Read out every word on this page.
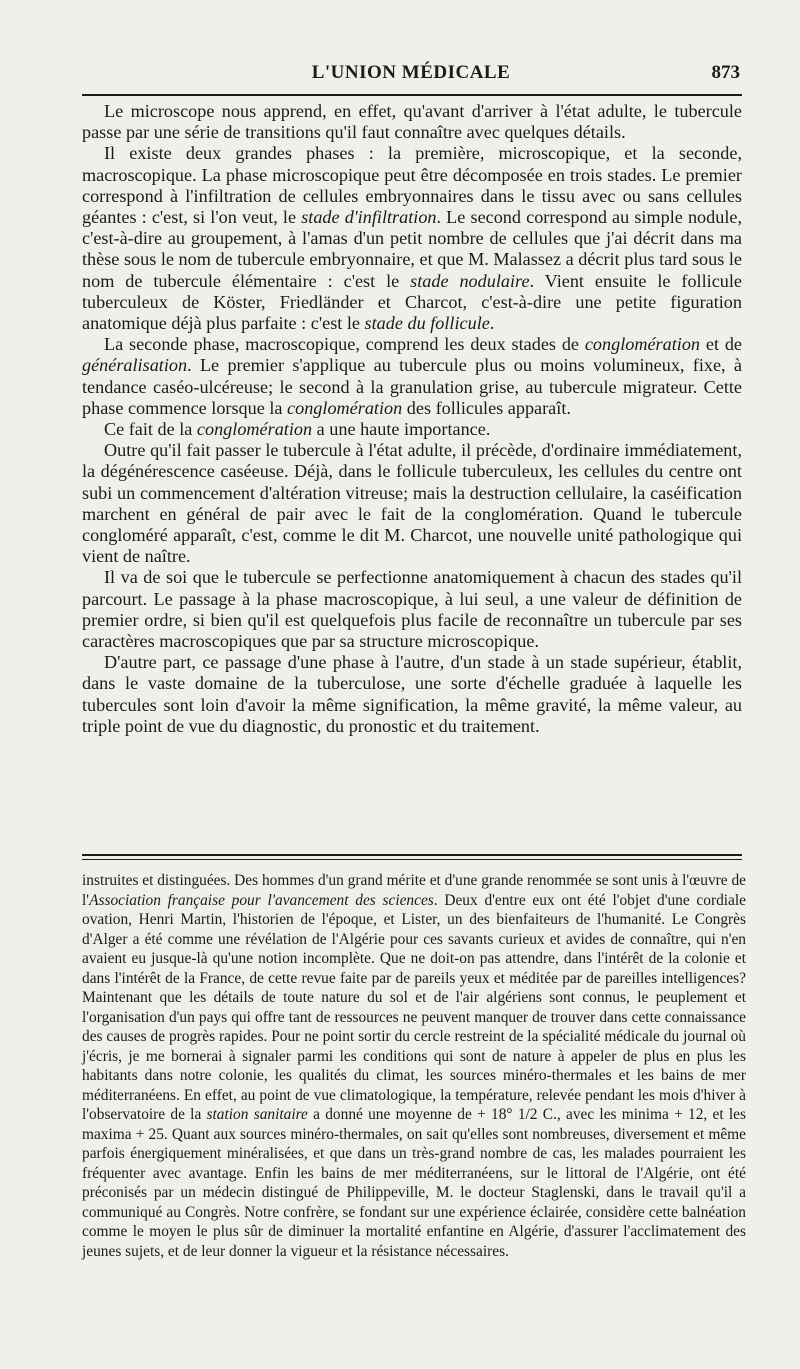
L'UNION MÉDICALE	873

Le microscope nous apprend, en effet, qu'avant d'arriver à l'état adulte, le tubercule passe par une série de transitions qu'il faut connaître avec quelques détails.

Il existe deux grandes phases : la première, microscopique, et la seconde, macroscopique. La phase microscopique peut être décomposée en trois stades. Le premier correspond à l'infiltration de cellules embryonnaires dans le tissu avec ou sans cellules géantes : c'est, si l'on veut, le stade d'infiltration. Le second correspond au simple nodule, c'est-à-dire au groupement, à l'amas d'un petit nombre de cellules que j'ai décrit dans ma thèse sous le nom de tubercule embryonnaire, et que M. Malassez a décrit plus tard sous le nom de tubercule élémentaire : c'est le stade nodulaire. Vient ensuite le follicule tuberculeux de Köster, Friedländer et Charcot, c'est-à-dire une petite figuration anatomique déjà plus parfaite : c'est le stade du follicule.

La seconde phase, macroscopique, comprend les deux stades de conglomération et de généralisation. Le premier s'applique au tubercule plus ou moins volumineux, fixe, à tendance caséo-ulcéreuse; le second à la granulation grise, au tubercule migrateur. Cette phase commence lorsque la conglomération des follicules apparaît.

Ce fait de la conglomération a une haute importance.

Outre qu'il fait passer le tubercule à l'état adulte, il précède, d'ordinaire immédiatement, la dégénérescence caséeuse. Déjà, dans le follicule tuberculeux, les cellules du centre ont subi un commencement d'altération vitreuse; mais la destruction cellulaire, la caséification marchent en général de pair avec le fait de la conglomération. Quand le tubercule congloméré apparaît, c'est, comme le dit M. Charcot, une nouvelle unité pathologique qui vient de naître.

Il va de soi que le tubercule se perfectionne anatomiquement à chacun des stades qu'il parcourt. Le passage à la phase macroscopique, à lui seul, a une valeur de définition de premier ordre, si bien qu'il est quelquefois plus facile de reconnaître un tubercule par ses caractères macroscopiques que par sa structure microscopique.

D'autre part, ce passage d'une phase à l'autre, d'un stade à un stade supérieur, établit, dans le vaste domaine de la tuberculose, une sorte d'échelle graduée à laquelle les tubercules sont loin d'avoir la même signification, la même gravité, la même valeur, au triple point de vue du diagnostic, du pronostic et du traitement.

instruites et distinguées. Des hommes d'un grand mérite et d'une grande renommée se sont unis à l'œuvre de l'Association française pour l'avancement des sciences. Deux d'entre eux ont été l'objet d'une cordiale ovation, Henri Martin, l'historien de l'époque, et Lister, un des bienfaiteurs de l'humanité. Le Congrès d'Alger a été comme une révélation de l'Algérie pour ces savants curieux et avides de connaître, qui n'en avaient eu jusque-là qu'une notion incomplète. Que ne doit-on pas attendre, dans l'intérêt de la colonie et dans l'intérêt de la France, de cette revue faite par de pareils yeux et méditée par de pareilles intelligences? Maintenant que les détails de toute nature du sol et de l'air algériens sont connus, le peuplement et l'organisation d'un pays qui offre tant de ressources ne peuvent manquer de trouver dans cette connaissance des causes de progrès rapides. Pour ne point sortir du cercle restreint de la spécialité médicale du journal où j'écris, je me bornerai à signaler parmi les conditions qui sont de nature à appeler de plus en plus les habitants dans notre colonie, les qualités du climat, les sources minéro-thermales et les bains de mer méditerranéens. En effet, au point de vue climatologique, la température, relevée pendant les mois d'hiver à l'observatoire de la station sanitaire a donné une moyenne de + 18° 1/2 C., avec les minima + 12, et les maxima + 25. Quant aux sources minéro-thermales, on sait qu'elles sont nombreuses, diversement et même parfois énergiquement minéralisées, et que dans un très-grand nombre de cas, les malades pourraient les fréquenter avec avantage. Enfin les bains de mer méditerranéens, sur le littoral de l'Algérie, ont été préconisés par un médecin distingué de Philippeville, M. le docteur Staglenski, dans le travail qu'il a communiqué au Congrès. Notre confrère, se fondant sur une expérience éclairée, considère cette balnéation comme le moyen le plus sûr de diminuer la mortalité enfantine en Algérie, d'assurer l'acclimatement des jeunes sujets, et de leur donner la vigueur et la résistance nécessaires.
